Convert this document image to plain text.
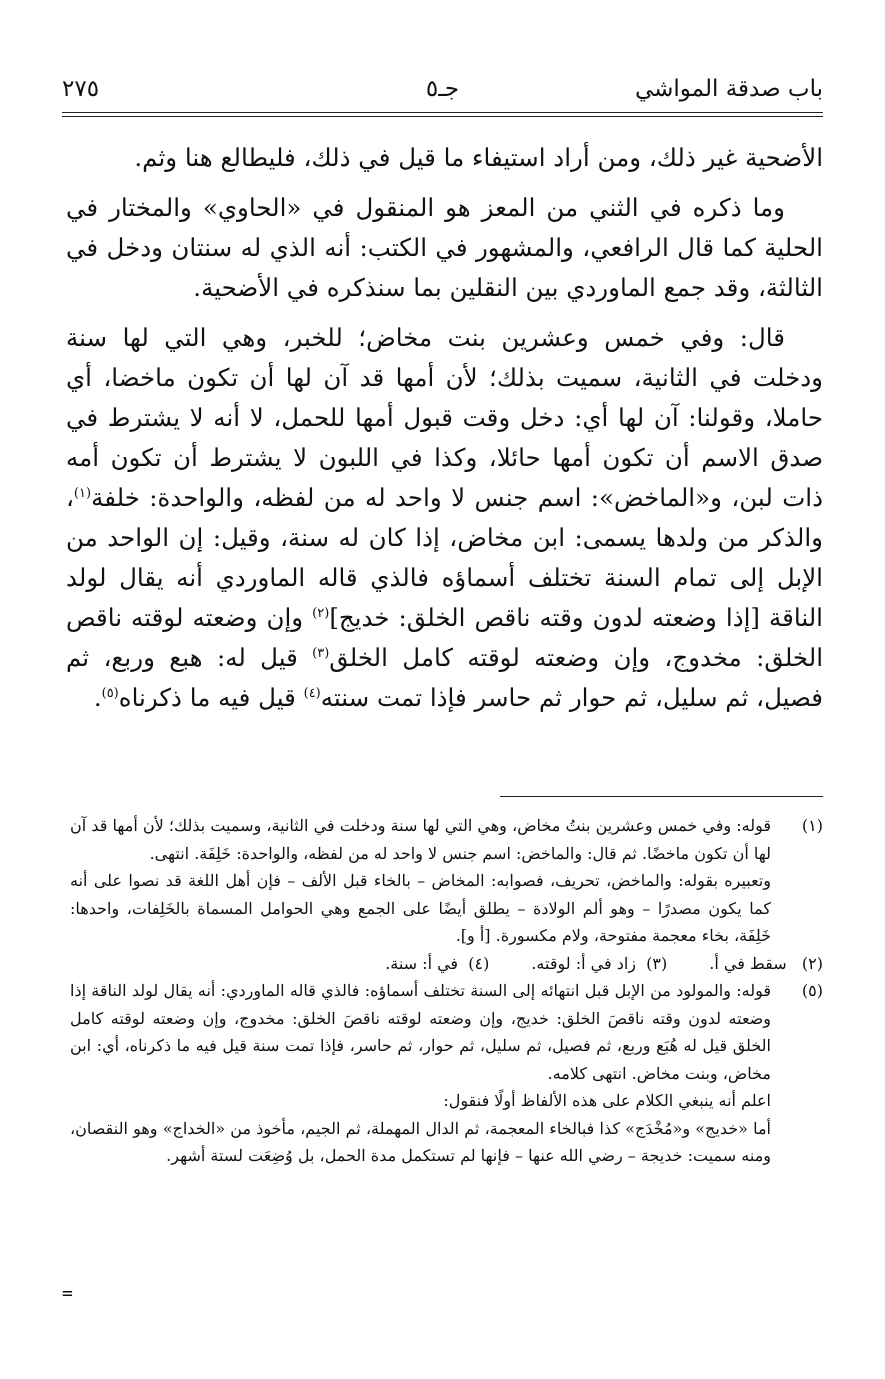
باب صدقة المواشي
جـ٥
٢٧٥

الأضحية غير ذلك، ومن أراد استيفاء ما قيل في ذلك، فليطالع هنا وثم.

وما ذكره في الثني من المعز هو المنقول في «الحاوي» والمختار في الحلية كما قال الرافعي، والمشهور في الكتب: أنه الذي له سنتان ودخل في الثالثة، وقد جمع الماوردي بين النقلين بما سنذكره في الأضحية.

قال: وفي خمس وعشرين بنت مخاض؛ للخبر، وهي التي لها سنة ودخلت في الثانية، سميت بذلك؛ لأن أمها قد آن لها أن تكون ماخضا، أي حاملا، وقولنا: آن لها أي: دخل وقت قبول أمها للحمل، لا أنه لا يشترط في صدق الاسم أن تكون أمها حائلا، وكذا في اللبون لا يشترط أن تكون أمه ذات لبن، و«الماخض»: اسم جنس لا واحد له من لفظه، والواحدة: خلفة$^{(١)}$، والذكر من ولدها يسمى: ابن مخاض، إذا كان له سنة، وقيل: إن الواحد من الإبل إلى تمام السنة تختلف أسماؤه فالذي قاله الماوردي أنه يقال لولد الناقة [إذا وضعته لدون وقته ناقص الخلق: خديج]$^{(٢)}$ وإن وضعته لوقته ناقص الخلق: مخدوج، وإن وضعته لوقته كامل الخلق$^{(٣)}$ قيل له: هبع وربع، ثم فصيل، ثم سليل، ثم حوار ثم حاسر فإذا تمت سنته$^{(٤)}$ قيل فيه ما ذكرناه$^{(٥)}$.

(١)

قوله: وفي خمس وعشرين بنتُ مخاض، وهي التي لها سنة ودخلت في الثانية، وسميت بذلك؛ لأن أمها قد آن لها أن تكون ماخضًا. ثم قال: والماخض: اسم جنس لا واحد له من لفظه، والواحدة: خَلِفَة. انتهى.

وتعبيره بقوله: والماخض، تحريف، فصوابه: المخاض – بالخاء قبل الألف – فإن أهل اللغة قد نصوا على أنه كما يكون مصدرًا – وهو ألم الولادة – يطلق أيضًا على الجمع وهي الحوامل المسماة بالخَلِفات، واحدها: خَلِفَة، بخاء معجمة مفتوحة، ولام مكسورة. [أ و].

(٢)   سقط في أ.
(٣)  زاد في أ: لوقته.
(٤)  في أ: سنة.
(٥)

قوله: والمولود من الإبل قبل انتهائه إلى السنة تختلف أسماؤه: فالذي قاله الماوردي: أنه يقال لولد الناقة إذا وضعته لدون وقته ناقصَ الخلق: خديج، وإن وضعته لوقته ناقصَ الخلق: مخدوج، وإن وضعته لوقته كامل الخلق قيل له هُبَع وربع، ثم فصيل، ثم سليل، ثم حوار، ثم حاسر، فإذا تمت سنة قيل فيه ما ذكرناه، أي: ابن مخاض، وبنت مخاض. انتهى كلامه.

اعلم أنه ينبغي الكلام على هذه الألفاظ أولًا فنقول:

أما «خديج» و«مُخْدَج» كذا فبالخاء المعجمة، ثم الدال المهملة، ثم الجيم، مأخوذ من «الخداج» وهو النقصان، ومنه سميت: خديجة – رضي الله عنها – فإنها لم تستكمل مدة الحمل، بل وُضِعَت لستة أشهر.

=
